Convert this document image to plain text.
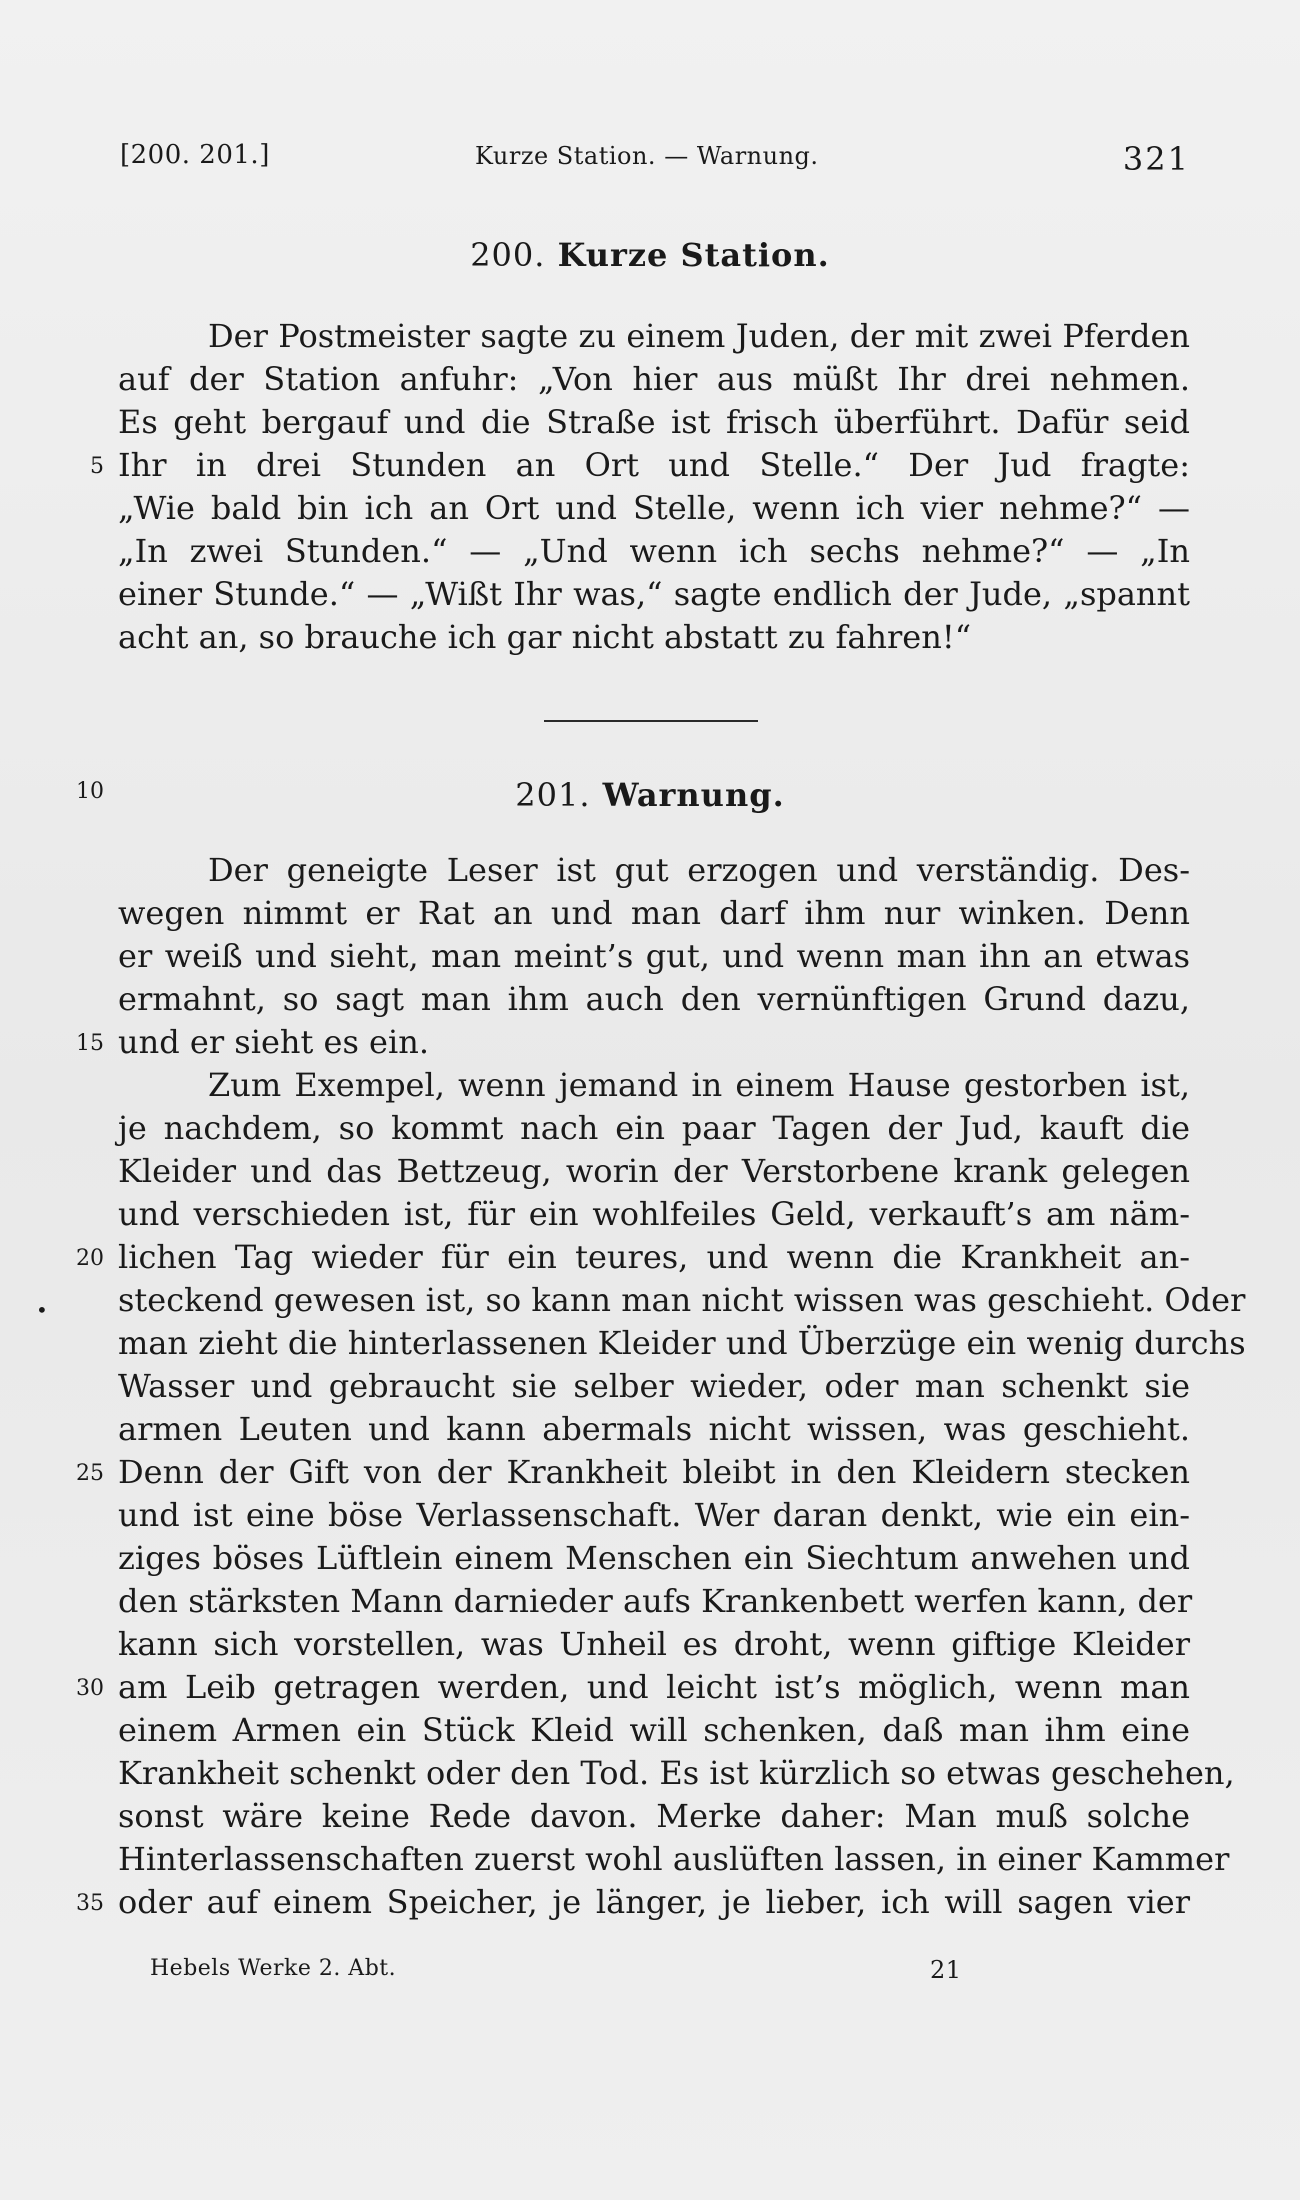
[200. 201.]	Kurze Station. — Warnung.	321
200. Kurze Station.
Der Postmeister sagte zu einem Juden, der mit zwei Pferden
auf der Station anfuhr: „Von hier aus müßt Ihr drei nehmen.
Es geht bergauf und die Straße ist frisch überführt. Dafür seid
Ihr in drei Stunden an Ort und Stelle.“ Der Jud fragte:
„Wie bald bin ich an Ort und Stelle, wenn ich vier nehme?“ —
„In zwei Stunden.“ — „Und wenn ich sechs nehme?“ — „In
einer Stunde.“ — „Wißt Ihr was,“ sagte endlich der Jude, „spannt
acht an, so brauche ich gar nicht abstatt zu fahren!“
201. Warnung.
Der geneigte Leser ist gut erzogen und verständig. Des-
wegen nimmt er Rat an und man darf ihm nur winken. Denn
er weiß und sieht, man meint’s gut, und wenn man ihn an etwas
ermahnt, so sagt man ihm auch den vernünftigen Grund dazu,
und er sieht es ein.
Zum Exempel, wenn jemand in einem Hause gestorben ist,
je nachdem, so kommt nach ein paar Tagen der Jud, kauft die
Kleider und das Bettzeug, worin der Verstorbene krank gelegen
und verschieden ist, für ein wohlfeiles Geld, verkauft’s am näm-
lichen Tag wieder für ein teures, und wenn die Krankheit an-
steckend gewesen ist, so kann man nicht wissen was geschieht. Oder
man zieht die hinterlassenen Kleider und Überzüge ein wenig durchs
Wasser und gebraucht sie selber wieder, oder man schenkt sie
armen Leuten und kann abermals nicht wissen, was geschieht.
Denn der Gift von der Krankheit bleibt in den Kleidern stecken
und ist eine böse Verlassenschaft. Wer daran denkt, wie ein ein-
ziges böses Lüftlein einem Menschen ein Siechtum anwehen und
den stärksten Mann darnieder aufs Krankenbett werfen kann, der
kann sich vorstellen, was Unheil es droht, wenn giftige Kleider
am Leib getragen werden, und leicht ist’s möglich, wenn man
einem Armen ein Stück Kleid will schenken, daß man ihm eine
Krankheit schenkt oder den Tod. Es ist kürzlich so etwas geschehen,
sonst wäre keine Rede davon. Merke daher: Man muß solche
Hinterlassenschaften zuerst wohl auslüften lassen, in einer Kammer
oder auf einem Speicher, je länger, je lieber, ich will sagen vier
5
10
15
20
25
30
35
•
Hebels Werke 2. Abt.	21
